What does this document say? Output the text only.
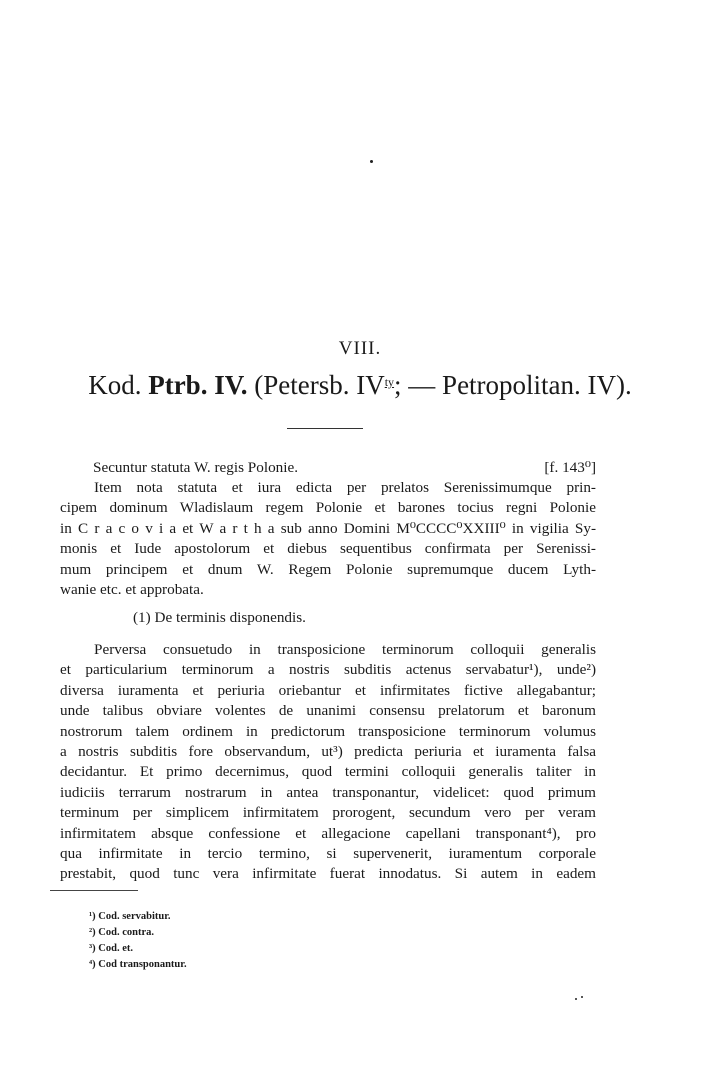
VIII.
Kod. Ptrb. IV. (Petersb. $IV^{ty}$; — Petropolitan. IV).
Secuntur statuta W. regis Polonie.	[f. 143⁰]
Item nota statuta et iura edicta per prelatos Serenissimumque prin-
cipem dominum Wladislaum regem Polonie et barones tocius regni Polonie
in C r a c o v i a et W a r t h a sub anno Domini M⁰CCCC⁰XXIII⁰ in vigilia Sy-
monis et Iude apostolorum et diebus sequentibus confirmata per Serenissi-
mum principem et dnum W. Regem Polonie supremumque ducem Lyth-
wanie etc. et approbata.
(1) De terminis disponendis.
Perversa consuetudo in transposicione terminorum colloquii generalis
et particularium terminorum a nostris subditis actenus servabatur¹), unde²)
diversa iuramenta et periuria oriebantur et infirmitates fictive allegabantur;
unde talibus obviare volentes de unanimi consensu prelatorum et baronum
nostrorum talem ordinem in predictorum transposicione terminorum volumus
a nostris subditis fore observandum, ut³) predicta periuria et iuramenta falsa
decidantur. Et primo decernimus, quod termini colloquii generalis taliter in
iudiciis terrarum nostrarum in antea transponantur, videlicet: quod primum
terminum per simplicem infirmitatem prorogent, secundum vero per veram
infirmitatem absque confessione et allegacione capellani transponant⁴), pro
qua infirmitate in tercio termino, si supervenerit, iuramentum corporale
prestabit, quod tunc vera infirmitate fuerat innodatus. Si autem in eadem
¹) Cod. servabitur.
²) Cod. contra.
³) Cod. et.
⁴) Cod transponantur.
